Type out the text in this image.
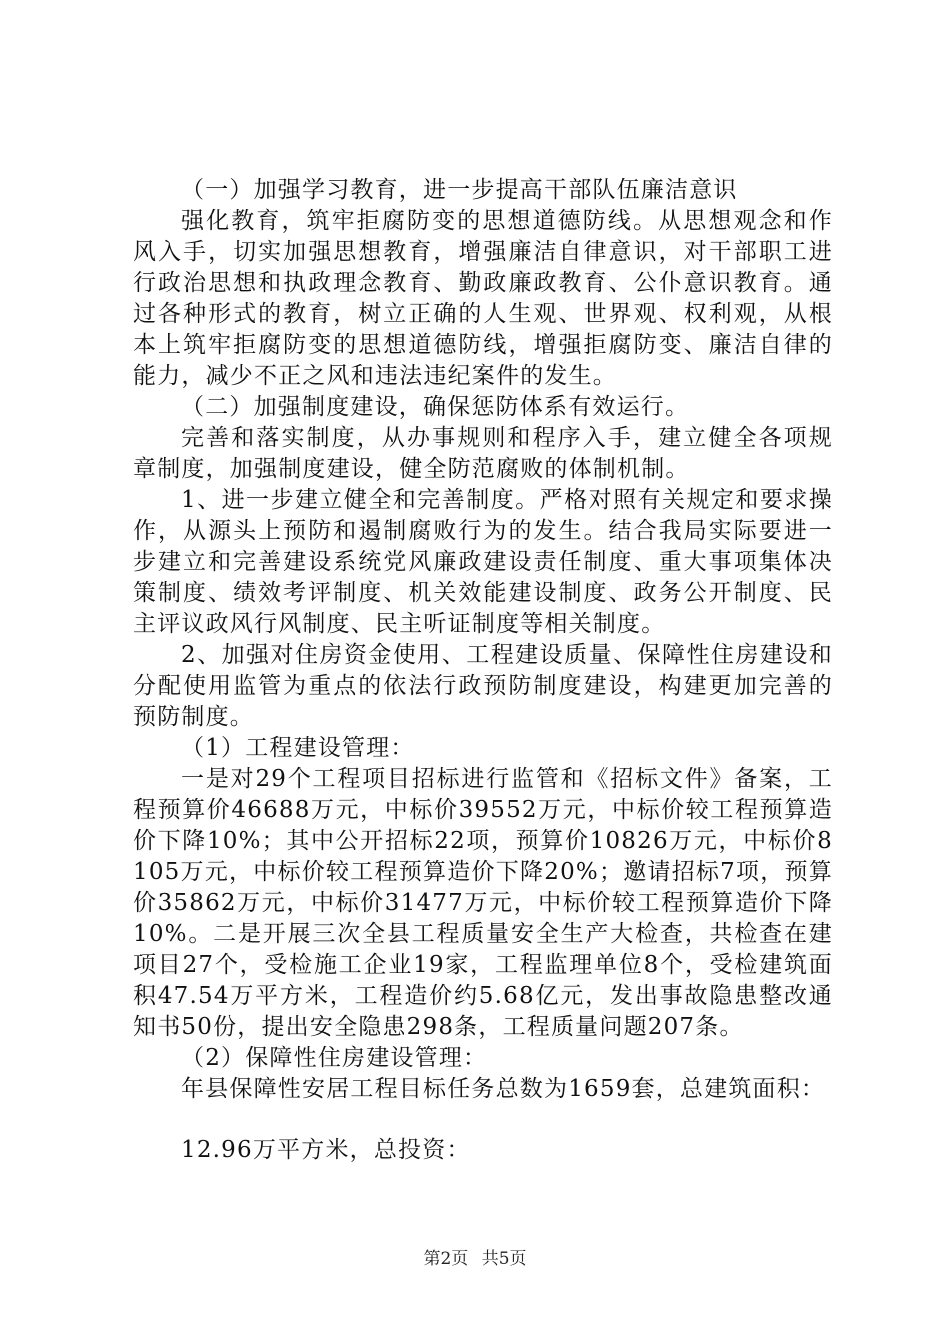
（一）加强学习教育，进一步提高干部队伍廉洁意识

强化教育，筑牢拒腐防变的思想道德防线。从思想观念和作风入手，切实加强思想教育，增强廉洁自律意识，对干部职工进行政治思想和执政理念教育、勤政廉政教育、公仆意识教育。通过各种形式的教育，树立正确的人生观、世界观、权利观，从根本上筑牢拒腐防变的思想道德防线，增强拒腐防变、廉洁自律的能力，减少不正之风和违法违纪案件的发生。

（二）加强制度建设，确保惩防体系有效运行。

完善和落实制度，从办事规则和程序入手，建立健全各项规章制度，加强制度建设，健全防范腐败的体制机制。

1、进一步建立健全和完善制度。严格对照有关规定和要求操作，从源头上预防和遏制腐败行为的发生。结合我局实际要进一步建立和完善建设系统党风廉政建设责任制度、重大事项集体决策制度、绩效考评制度、机关效能建设制度、政务公开制度、民主评议政风行风制度、民主听证制度等相关制度。

2、加强对住房资金使用、工程建设质量、保障性住房建设和分配使用监管为重点的依法行政预防制度建设，构建更加完善的预防制度。

（1）工程建设管理：

一是对29个工程项目招标进行监管和《招标文件》备案，工程预算价46688万元，中标价39552万元，中标价较工程预算造价下降10%；其中公开招标22项，预算价10826万元，中标价8105万元，中标价较工程预算造价下降20%；邀请招标7项，预算价35862万元，中标价31477万元，中标价较工程预算造价下降10%。二是开展三次全县工程质量安全生产大检查，共检查在建项目27个，受检施工企业19家，工程监理单位8个，受检建筑面积47.54万平方米，工程造价约5.68亿元，发出事故隐患整改通知书50份，提出安全隐患298条，工程质量问题207条。

（2）保障性住房建设管理：

年县保障性安居工程目标任务总数为1659套，总建筑面积：

12.96万平方米，总投资：

第2页 共5页
